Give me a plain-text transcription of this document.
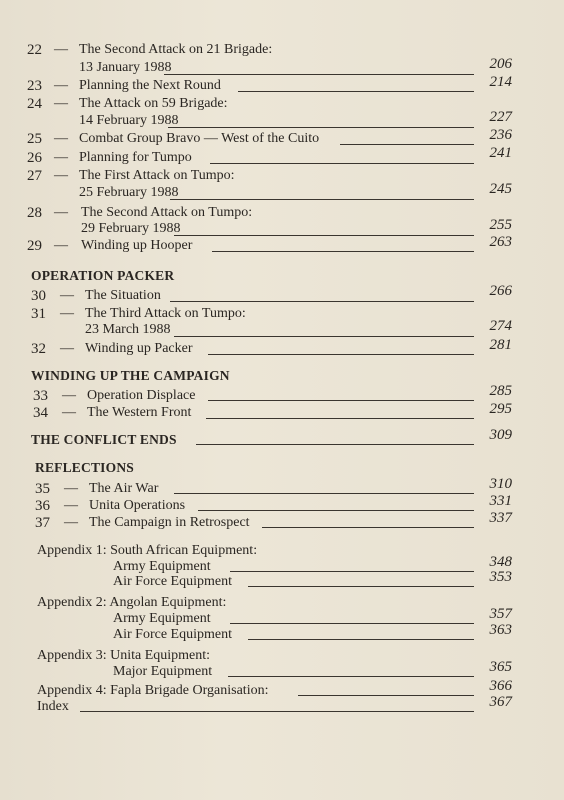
22 — The Second Attack on 21 Brigade:
13 January 1988	206
23 — Planning the Next Round	214
24 — The Attack on 59 Brigade:
14 February 1988	227
25 — Combat Group Bravo — West of the Cuito	236
26 — Planning for Tumpo	241
27 — The First Attack on Tumpo:
25 February 1988	245
28 — The Second Attack on Tumpo:
29 February 1988	255
29 — Winding up Hooper	263
OPERATION PACKER
30	— The Situation	266
31	— The Third Attack on Tumpo:
23 March 1988	274
32	— Winding up Packer	281
WINDING UP THE CAMPAIGN
33	— Operation Displace	285
34	— The Western Front	295
THE CONFLICT ENDS	309
REFLECTIONS
35	— The Air War	310
36	— Unita Operations	331
37	— The Campaign in Retrospect	337
Appendix 1: South African Equipment:
Army Equipment	348
Air Force Equipment	353
Appendix 2: Angolan Equipment:
Army Equipment	357
Air Force Equipment	363
Appendix 3: Unita Equipment:
Major Equipment	365
Appendix 4: Fapla Brigade Organisation:	366
Index	367
